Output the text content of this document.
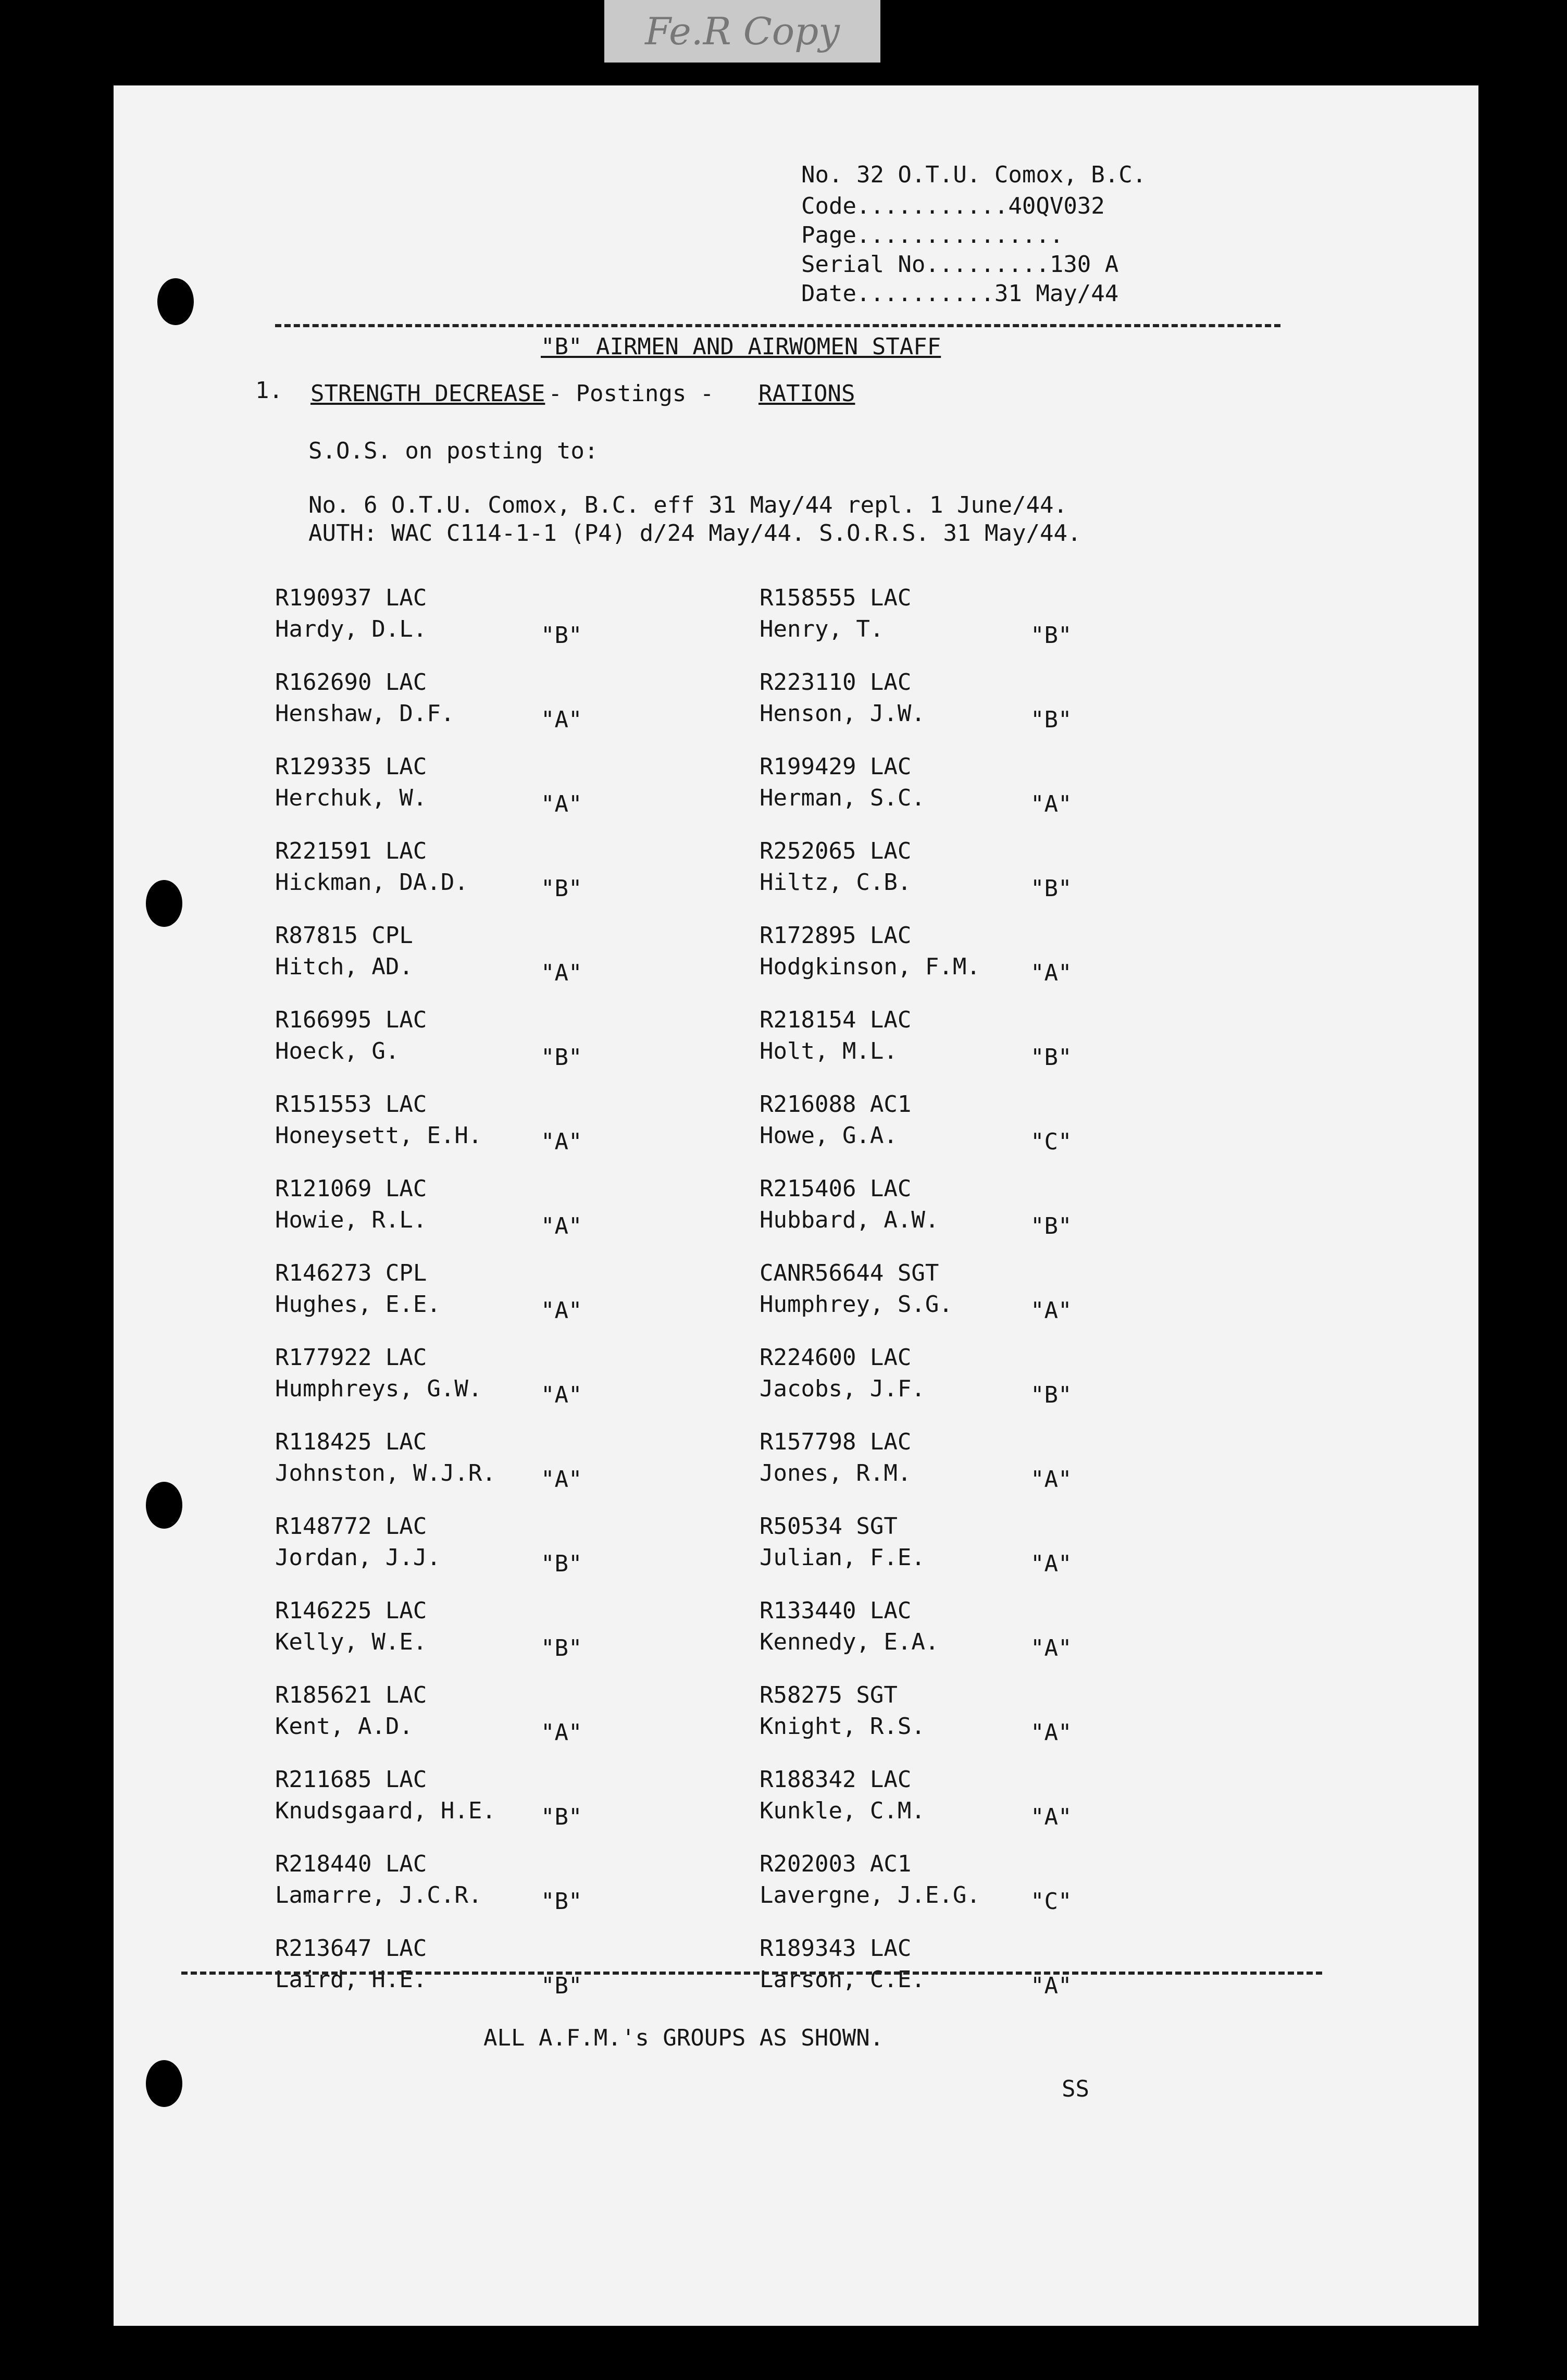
Fe.R Copy
No. 32 O.T.U. Comox, B.C.
Code...........40QV032
Page...............
Serial No.........130 A
Date..........31 May/44
"B" AIRMEN AND AIRWOMEN STAFF
1. STRENGTH DECREASE
- Postings - RATIONS
S.O.S. on posting to:
No. 6 O.T.U. Comox, B.C. eff 31 May/44 repl. 1 June/44.
AUTH: WAC C114-1-1 (P4) d/24 May/44. S.O.R.S. 31 May/44.
R190937 LAC
Hardy, D.L.	"B"
R162690 LAC
Henshaw, D.F.	"A"
R129335 LAC
Herchuk, W.	"A"
R221591 LAC
Hickman, DA.D.	"B"
R87815 CPL
Hitch, AD.	"A"
R166995 LAC
Hoeck, G.	"B"
R151553 LAC
Honeysett, E.H.	"A"
R121069 LAC
Howie, R.L.	"A"
R146273 CPL
Hughes, E.E.	"A"
R177922 LAC
Humphreys, G.W.	"A"
R118425 LAC
Johnston, W.J.R. "A"
R148772 LAC
Jordan, J.J.	"B"
R146225 LAC
Kelly, W.E.	"B"
R185621 LAC
Kent, A.D.	"A"
R211685 LAC
Knudsgaard, H.E. "B"
R218440 LAC
Lamarre, J.C.R.	"B"
R213647 LAC
Laird, H.E.	"B"
R158555 LAC
Henry, T.	"B"
R223110 LAC
Henson, J.W.	"B"
R199429 LAC
Herman, S.C.	"A"
R252065 LAC
Hiltz, C.B.	"B"
R172895 LAC
Hodgkinson, F.M. "A"
R218154 LAC
Holt, M.L.	"B"
R216088 AC1
Howe, G.A.	"C"
R215406 LAC
Hubbard, A.W.	"B"
CANR56644 SGT
Humphrey, S.G.	"A"
R224600 LAC
Jacobs, J.F.	"B"
R157798 LAC
Jones, R.M.	"A"
R50534 SGT
Julian, F.E.	"A"
R133440 LAC
Kennedy, E.A.	"A"
R58275 SGT
Knight, R.S.	"A"
R188342 LAC
Kunkle, C.M.	"A"
R202003 AC1
Lavergne, J.E.G. "C"
R189343 LAC
Larson, C.E.	"A"
ALL A.F.M.'s GROUPS AS SHOWN.
SS
